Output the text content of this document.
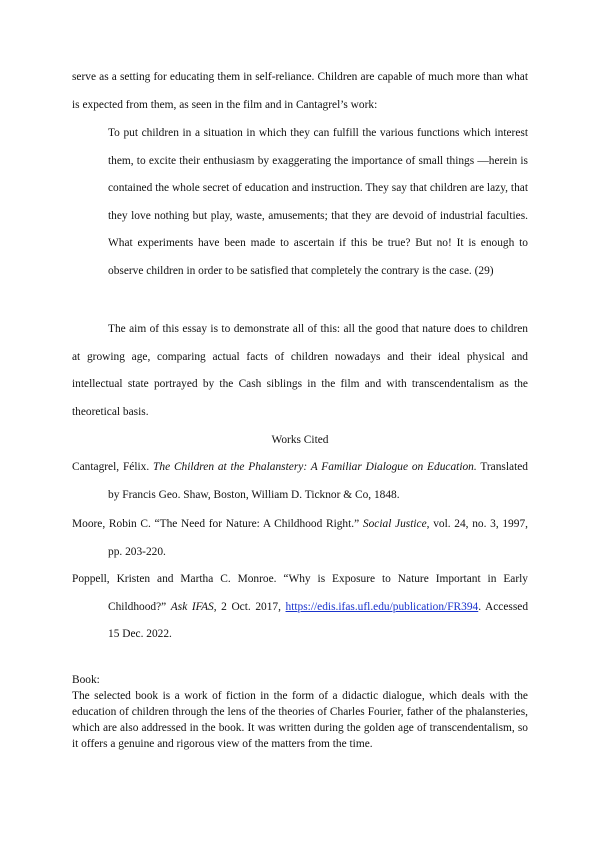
serve as a setting for educating them in self-reliance. Children are capable of much more than what is expected from them, as seen in the film and in Cantagrel’s work:

To put children in a situation in which they can fulfill the various functions which interest them, to excite their enthusiasm by exaggerating the importance of small things —herein is contained the whole secret of education and instruction. They say that children are lazy, that they love nothing but play, waste, amusements; that they are devoid of industrial faculties. What experiments have been made to ascertain if this be true? But no! It is enough to observe children in order to be satisfied that completely the contrary is the case. (29)

The aim of this essay is to demonstrate all of this: all the good that nature does to children at growing age, comparing actual facts of children nowadays and their ideal physical and intellectual state portrayed by the Cash siblings in the film and with transcendentalism as the theoretical basis.

Works Cited

Cantagrel, Félix. The Children at the Phalanstery: A Familiar Dialogue on Education. Translated by Francis Geo. Shaw, Boston, William D. Ticknor & Co, 1848.

Moore, Robin C. “The Need for Nature: A Childhood Right.” Social Justice, vol. 24, no. 3, 1997, pp. 203-220.

Poppell, Kristen and Martha C. Monroe. “Why is Exposure to Nature Important in Early Childhood?” Ask IFAS, 2 Oct. 2017, https://edis.ifas.ufl.edu/publication/FR394. Accessed 15 Dec. 2022.

Book:

The selected book is a work of fiction in the form of a didactic dialogue, which deals with the education of children through the lens of the theories of Charles Fourier, father of the phalansteries, which are also addressed in the book. It was written during the golden age of transcendentalism, so it offers a genuine and rigorous view of the matters from the time.
